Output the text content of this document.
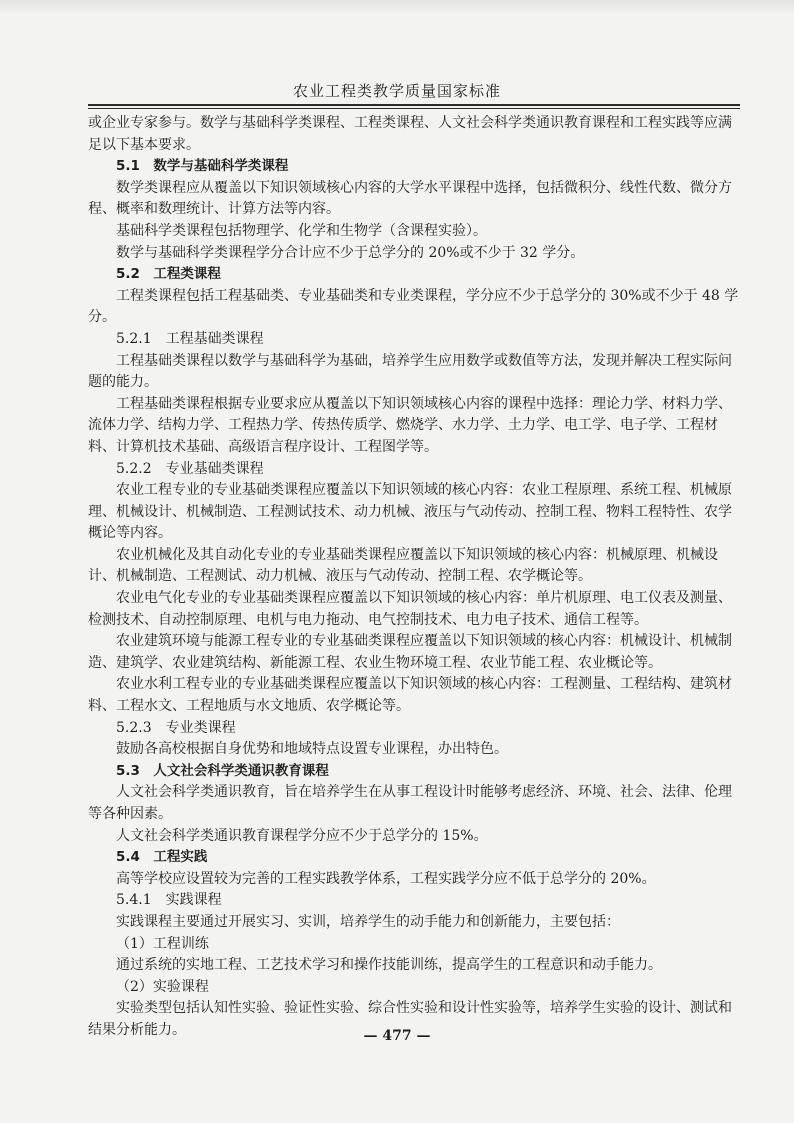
农业工程类教学质量国家标准

或企业专家参与。数学与基础科学类课程、工程类课程、人文社会科学类通识教育课程和工程实践等应满足以下基本要求。

5.1　数学与基础科学类课程

数学类课程应从覆盖以下知识领域核心内容的大学水平课程中选择，包括微积分、线性代数、微分方程、概率和数理统计、计算方法等内容。

基础科学类课程包括物理学、化学和生物学（含课程实验）。

数学与基础科学类课程学分合计应不少于总学分的 20%或不少于 32 学分。

5.2　工程类课程

工程类课程包括工程基础类、专业基础类和专业类课程，学分应不少于总学分的 30%或不少于 48 学分。

5.2.1　工程基础类课程

工程基础类课程以数学与基础科学为基础，培养学生应用数学或数值等方法，发现并解决工程实际问题的能力。

工程基础类课程根据专业要求应从覆盖以下知识领域核心内容的课程中选择：理论力学、材料力学、流体力学、结构力学、工程热力学、传热传质学、燃烧学、水力学、土力学、电工学、电子学、工程材料、计算机技术基础、高级语言程序设计、工程图学等。

5.2.2　专业基础类课程

农业工程专业的专业基础类课程应覆盖以下知识领域的核心内容：农业工程原理、系统工程、机械原理、机械设计、机械制造、工程测试技术、动力机械、液压与气动传动、控制工程、物料工程特性、农学概论等内容。

农业机械化及其自动化专业的专业基础类课程应覆盖以下知识领域的核心内容：机械原理、机械设计、机械制造、工程测试、动力机械、液压与气动传动、控制工程、农学概论等。

农业电气化专业的专业基础类课程应覆盖以下知识领域的核心内容：单片机原理、电工仪表及测量、检测技术、自动控制原理、电机与电力拖动、电气控制技术、电力电子技术、通信工程等。

农业建筑环境与能源工程专业的专业基础类课程应覆盖以下知识领域的核心内容：机械设计、机械制造、建筑学、农业建筑结构、新能源工程、农业生物环境工程、农业节能工程、农业概论等。

农业水利工程专业的专业基础类课程应覆盖以下知识领域的核心内容：工程测量、工程结构、建筑材料、工程水文、工程地质与水文地质、农学概论等。

5.2.3　专业类课程

鼓励各高校根据自身优势和地域特点设置专业课程，办出特色。

5.3　人文社会科学类通识教育课程

人文社会科学类通识教育，旨在培养学生在从事工程设计时能够考虑经济、环境、社会、法律、伦理等各种因素。

人文社会科学类通识教育课程学分应不少于总学分的 15%。

5.4　工程实践

高等学校应设置较为完善的工程实践教学体系，工程实践学分应不低于总学分的 20%。

5.4.1　实践课程

实践课程主要通过开展实习、实训，培养学生的动手能力和创新能力，主要包括：

（1）工程训练

通过系统的实地工程、工艺技术学习和操作技能训练，提高学生的工程意识和动手能力。

（2）实验课程

实验类型包括认知性实验、验证性实验、综合性实验和设计性实验等，培养学生实验的设计、测试和结果分析能力。	— 477 —
